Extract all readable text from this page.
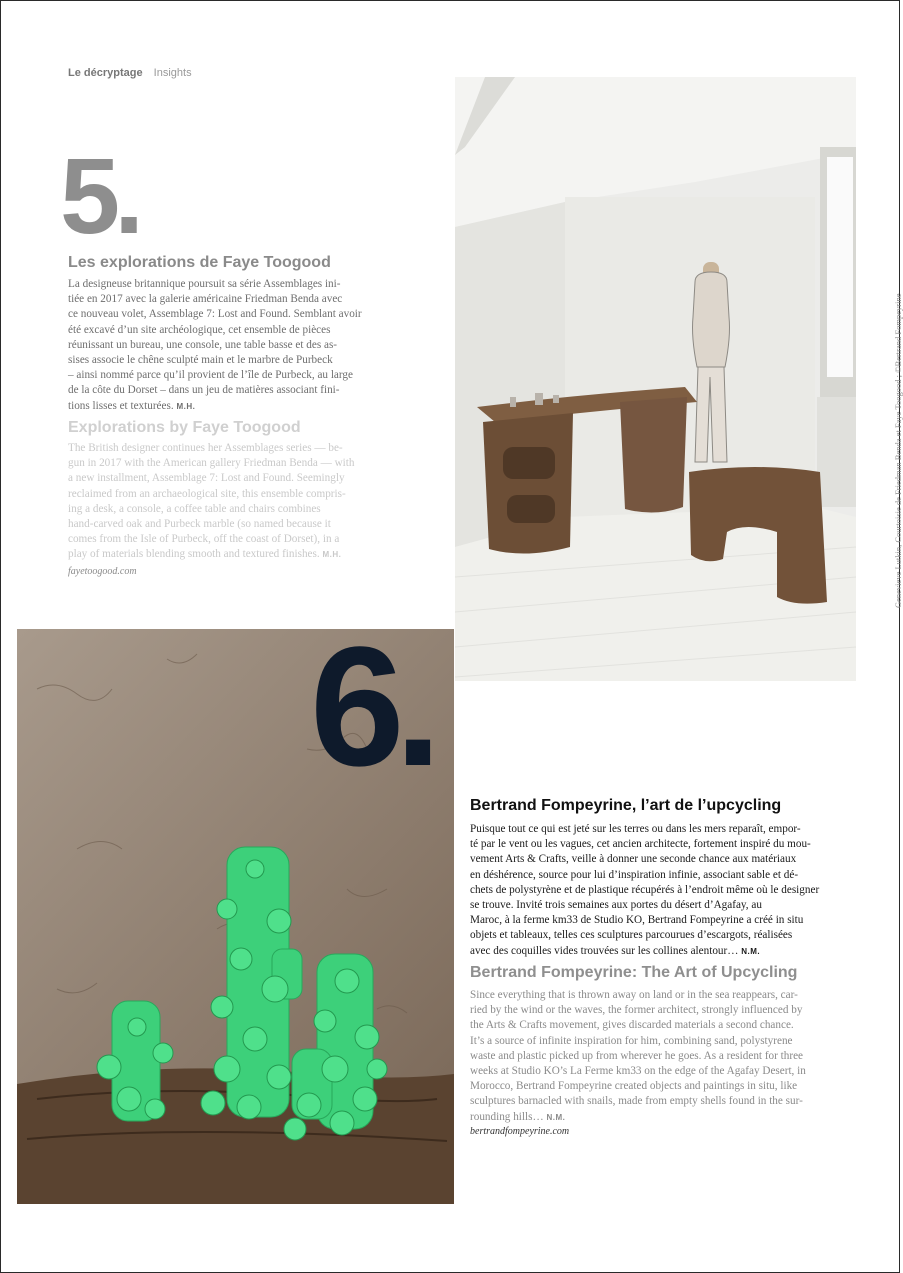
Le décryptage Insights
5.
Les explorations de Faye Toogood
La designeuse britannique poursuit sa série Assemblages ini-
tiée en 2017 avec la galerie américaine Friedman Benda avec
ce nouveau volet, Assemblage 7: Lost and Found. Semblant avoir
été excavé d’un site archéologique, cet ensemble de pièces
réunissant un bureau, une console, une table basse et des as-
sises associe le chêne sculpté main et le marbre de Purbeck
– ainsi nommé parce qu’il provient de l’île de Purbeck, au large
de la côte du Dorset – dans un jeu de matières associant fini-
tions lisses et texturées. M.H.
Explorations by Faye Toogood
The British designer continues her Assemblages series — be-
gun in 2017 with the American gallery Friedman Benda — with
a new installment, Assemblage 7: Lost and Found. Seemingly
reclaimed from an archaeological site, this ensemble compris-
ing a desk, a console, a coffee table and chairs combines
hand-carved oak and Purbeck marble (so named because it
comes from the Isle of Purbeck, off the coast of Dorset), in a
play of materials blending smooth and textured finishes. M.H.
fayetoogood.com
6.
Bertrand Fompeyrine, l’art de l’upcycling
Puisque tout ce qui est jeté sur les terres ou dans les mers reparaît, empor-
té par le vent ou les vagues, cet ancien architecte, fortement inspiré du mou-
vement Arts & Crafts, veille à donner une seconde chance aux matériaux
en déshérence, source pour lui d’inspiration infinie, associant sable et dé-
chets de polystyrène et de plastique récupérés à l’endroit même où le designer
se trouve. Invité trois semaines aux portes du désert d’Agafay, au
Maroc, à la ferme km33 de Studio KO, Bertrand Fompeyrine a créé in situ
objets et tableaux, telles ces sculptures parcourues d’escargots, réalisées
avec des coquilles vides trouvées sur les collines alentour… N.M.
Bertrand Fompeyrine: The Art of Upcycling
Since everything that is thrown away on land or in the sea reappears, car-
ried by the wind or the waves, the former architect, strongly influenced by
the Arts & Crafts movement, gives discarded materials a second chance.
It’s a source of infinite inspiration for him, combining sand, polystyrene
waste and plastic picked up from wherever he goes. As a resident for three
weeks at Studio KO’s La Ferme km33 on the edge of the Agafay Desert, in
Morocco, Bertrand Fompeyrine created objects and paintings in situ, like
sculptures barnacled with snails, made from empty shells found in the sur-
rounding hills… N.M.
bertrandfompeyrine.com
Genevieve Lutkin, Courtoisie de Friedman Benda et Faye Toogood ; ©Bertrand Fompeyrine
